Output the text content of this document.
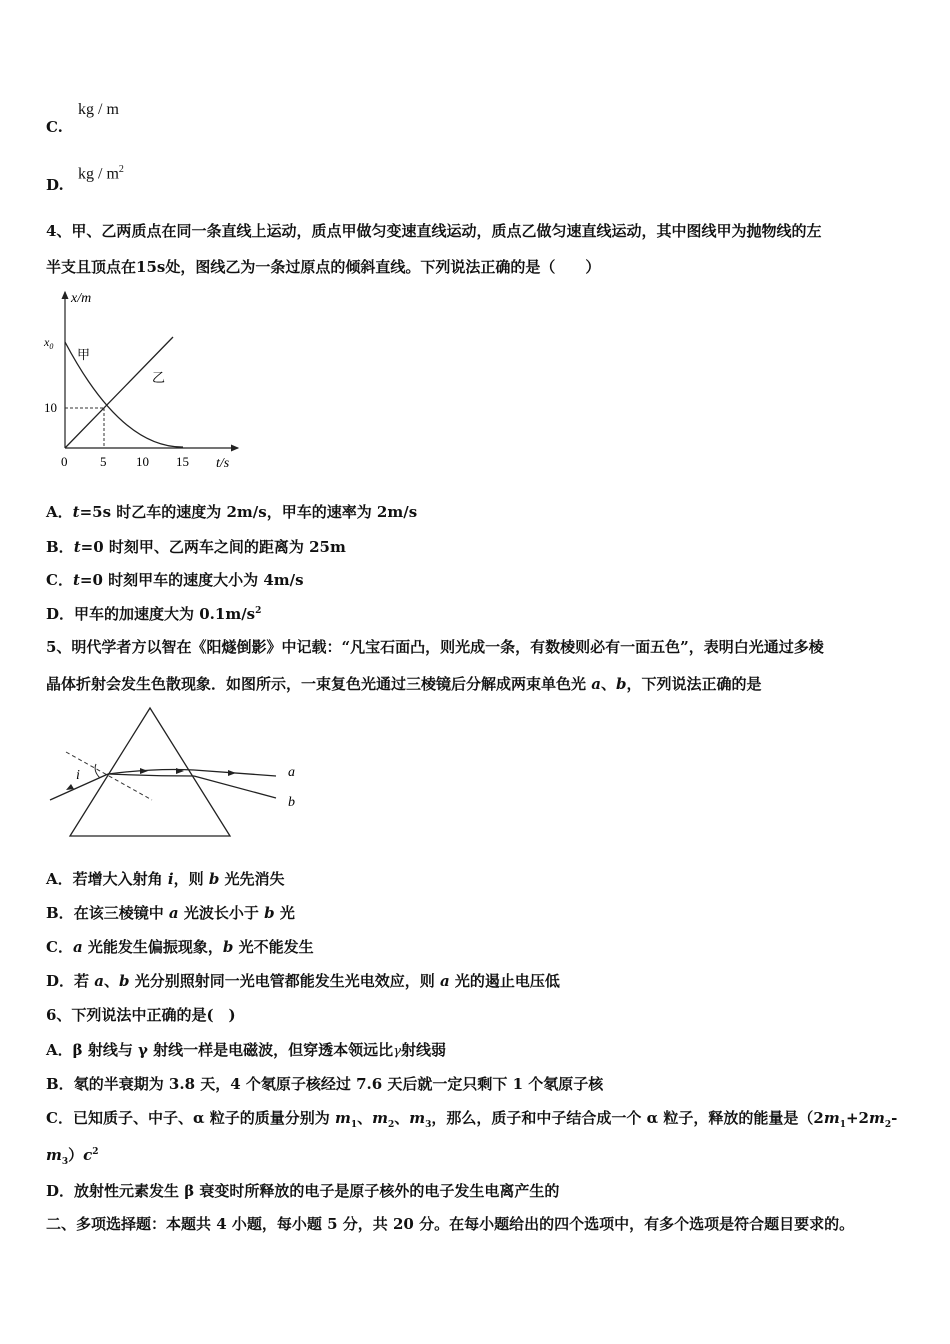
C.
kg / m
D.
kg / $m^2$
4、甲、乙两质点在同一条直线上运动，质点甲做匀变速直线运动，质点乙做匀速直线运动，其中图线甲为抛物线的左
半支且顶点在15s处，图线乙为一条过原点的倾斜直线。下列说法正确的是（　　）
x/m
t/s
$x_0$
甲
乙
10
0	5 10 15
A．t=5s 时乙车的速度为 2m/s，甲车的速率为 2m/s
B．t=0 时刻甲、乙两车之间的距离为 25m
C．t=0 时刻甲车的速度大小为 4m/s
D．甲车的加速度大为 $0.1m/s^2$
5、明代学者方以智在《阳燧倒影》中记载：“凡宝石面凸，则光成一条，有数棱则必有一面五色”，表明白光通过多棱
晶体折射会发生色散现象．如图所示，一束复色光通过三棱镜后分解成两束单色光 a、b，下列说法正确的是
i	a
b
A．若增大入射角 i，则 b 光先消失
B．在该三棱镜中 a 光波长小于 b 光
C．a 光能发生偏振现象，b 光不能发生
D．若 a、b 光分别照射同一光电管都能发生光电效应，则 a 光的遏止电压低
6、下列说法中正确的是(　)
A．β 射线与 γ 射线一样是电磁波，但穿透本领远比γ射线弱
B．氡的半衰期为 3.8 天，4 个氡原子核经过 7.6 天后就一定只剩下 1 个氡原子核
C．已知质子、中子、α 粒子的质量分别为 $m_1$、$m_2$、$m_3$，那么，质子和中子结合成一个 α 粒子，释放的能量是（$2m_1+2m_2-$
$m_3)c^2$
D．放射性元素发生 β 衰变时所释放的电子是原子核外的电子发生电离产生的
二、多项选择题：本题共 4 小题，每小题 5 分，共 20 分。在每小题给出的四个选项中，有多个选项是符合题目要求的。
